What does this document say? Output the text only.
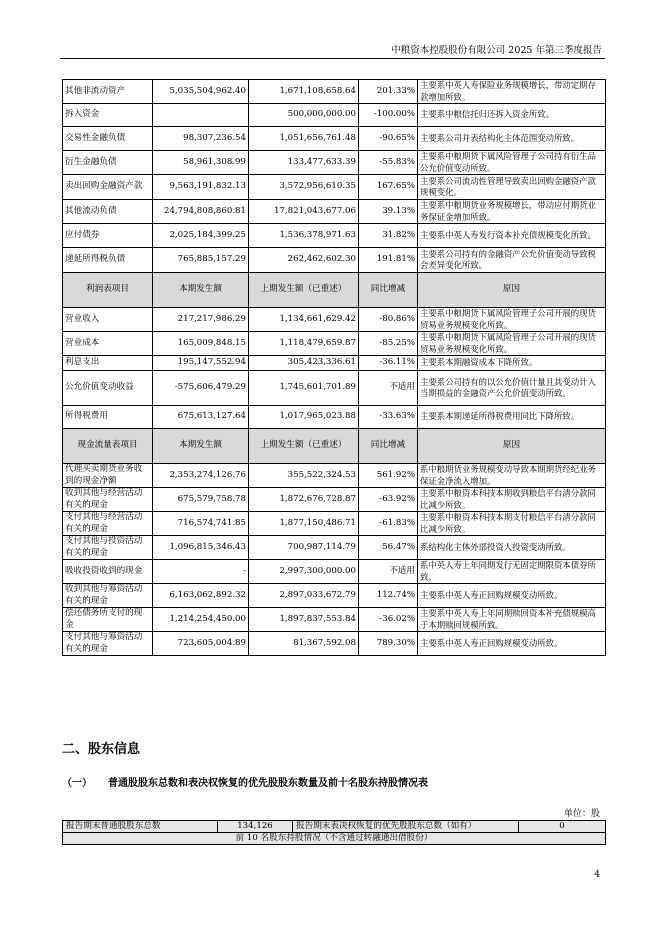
中粮资本控股股份有限公司 2025 年第三季度报告
其他非流动资产	5,035,504,962.40	1,671,108,658.64	201.33%	主要系中英人寿保险业务规模增长，带动定期存款增加所致。
拆入资金		500,000,000.00	-100.00%	主要系中粮信托归还拆入资金所致。
交易性金融负债	98,307,236.54	1,051,656,761.48	-90.65%	主要系公司并表结构化主体范围变动所致。
衍生金融负债	58,961,308.99	133,477,633.39	-55.83%	主要系中粮期货下属风险管理子公司持有衍生品公允价值变动所致。
卖出回购金融资产款	9,563,191,832.13	3,572,956,610.35	167.65%	主要系公司流动性管理导致卖出回购金融资产款规模变化。
其他流动负债	24,794,808,860.81	17,821,043,677.06	39.13%	主要系中粮期货业务规模增长，带动应付期货业务保证金增加所致。
应付债券	2,025,184,399.25	1,536,378,971.63	31.82%	主要系中英人寿发行资本补充债规模变化所致。
递延所得税负债	765,885,157.29	262,462,602.30	191.81%	主要系公司持有的金融资产公允价值变动导致税会差异变化所致。
利润表项目	本期发生额	上期发生额（已重述）	同比增减	原因
营业收入	217,217,986.29	1,134,661,629.42	-80.86%	主要系中粮期货下属风险管理子公司开展的现货贸易业务规模变化所致。
营业成本	165,009,848.15	1,118,479,659.87	-85.25%	主要系中粮期货下属风险管理子公司开展的现货贸易业务规模变化所致。
利息支出	195,147,552.94	305,423,336.61	-36.11%	主要系本期融资成本下降所致。
公允价值变动收益	-575,606,479.29	1,745,601,701.89	不适用	主要系公司持有的以公允价值计量且其变动计入当期损益的金融资产公允价值变动所致。
所得税费用	675,613,127.64	1,017,965,023.88	-33.63%	主要系本期递延所得税费用同比下降所致。
现金流量表项目	本期发生额	上期发生额（已重述）	同比增减	原因
代理买卖期货业务收到的现金净额	2,353,274,126.76	355,522,324.53	561.92%	系中粮期货业务规模变动导致本期期货经纪业务保证金净流入增加。
收到其他与经营活动有关的现金	675,579,758.78	1,872,676,728.87	-63.92%	主要系中粮资本科技本期收到粮信平台清分款同比减少所致。
支付其他与经营活动有关的现金	716,574,741.85	1,877,150,486.71	-61.83%	主要系中粮资本科技本期支付粮信平台清分款同比减少所致。
支付其他与投资活动有关的现金	1,096,815,346.43	700,987,114.79	56.47%	系结构化主体外部投资人投资变动所致。
吸收投资收到的现金	-	2,997,300,000.00	不适用	系中英人寿上年同期发行无固定期限资本债券所致。
收到其他与筹资活动有关的现金	6,163,062,892.32	2,897,033,672.79	112.74%	主要系中英人寿正回购规模变动所致。
偿还债务所支付的现金	1,214,254,450.00	1,897,837,553.84	-36.02%	主要系中英人寿上年同期赎回资本补充债规模高于本期赎回规模所致。
支付其他与筹资活动有关的现金	723,605,004.89	81,367,592.08	789.30%	主要系中英人寿正回购规模变动所致。
二、股东信息
（一） 普通股股东总数和表决权恢复的优先股股东数量及前十名股东持股情况表
单位：股
报告期末普通股股东总数	134,126	报告期末表决权恢复的优先股股东总数（如有）	0
前 10 名股东持股情况（不含通过转融通出借股份）
4
